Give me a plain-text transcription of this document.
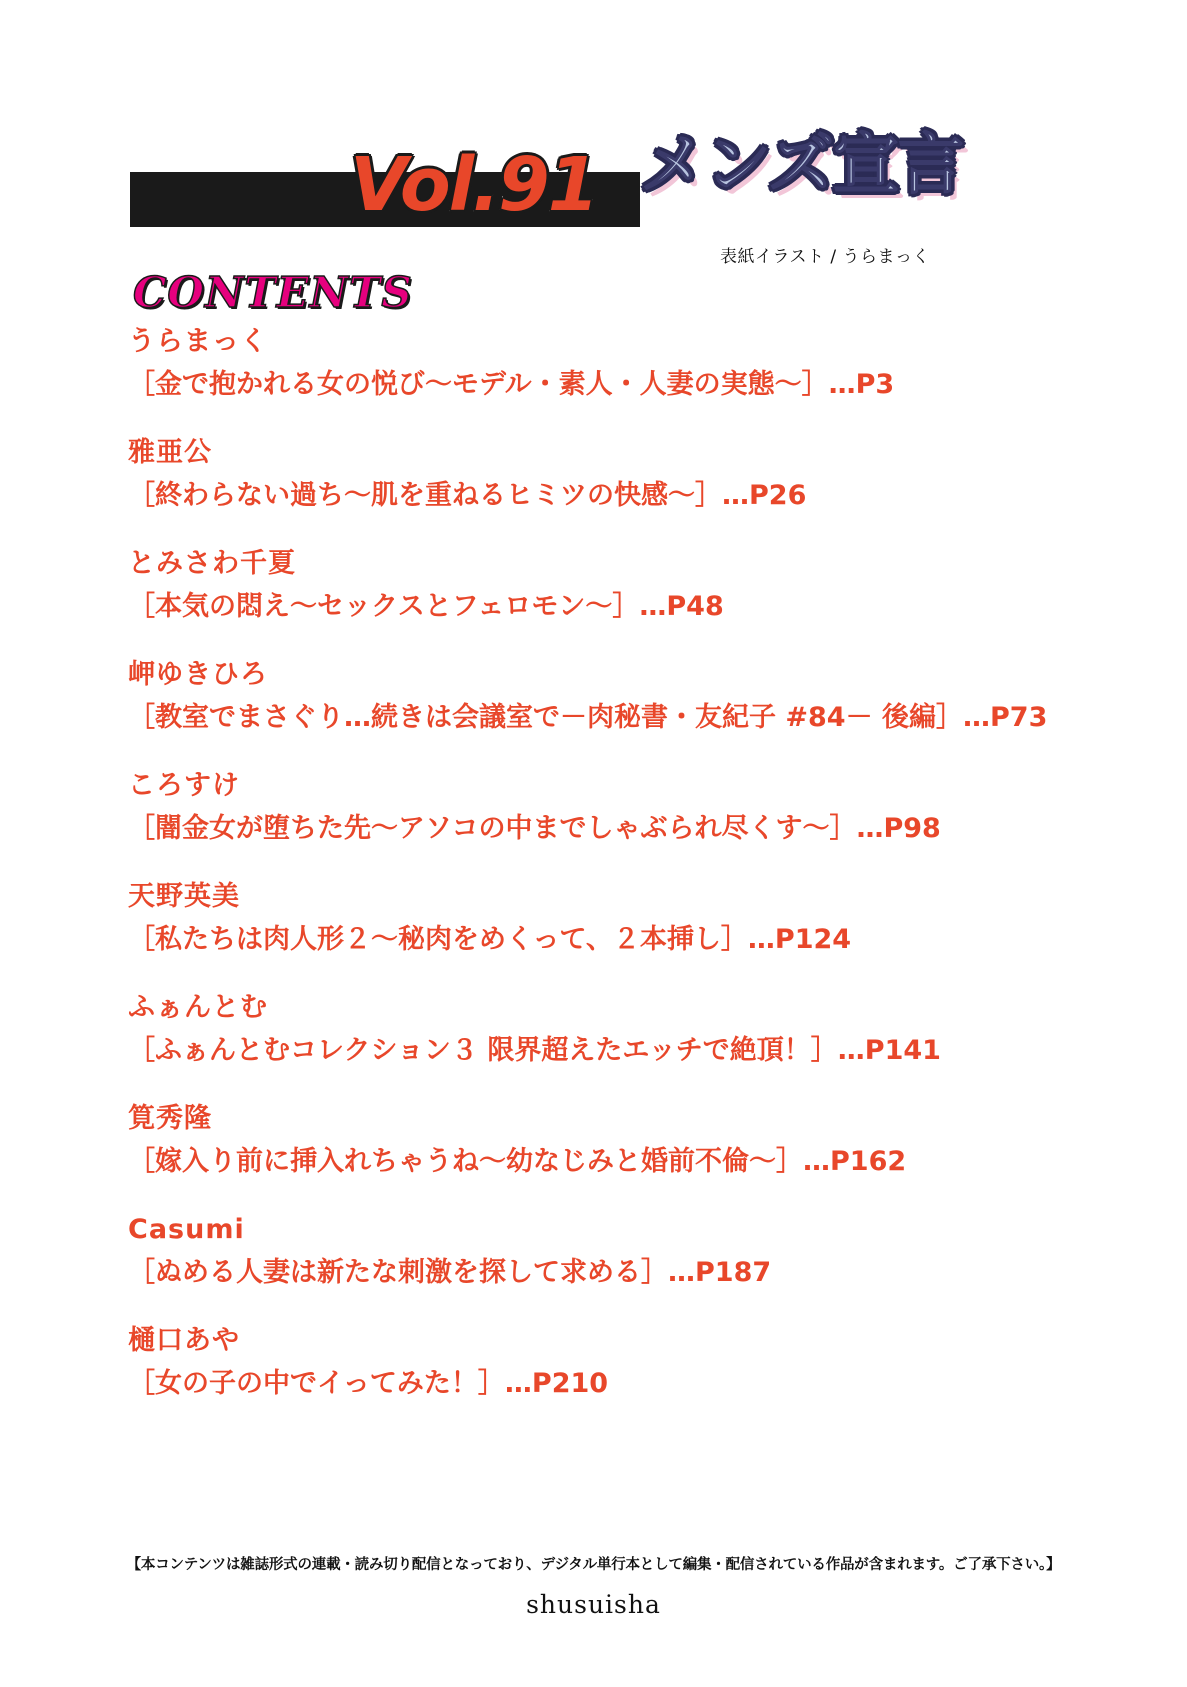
Vol.91 メンズ宣言
表紙イラスト / うらまっく
CONTENTS
うらまっく
［金で抱かれる女の悦び〜モデル・素人・人妻の実態〜］…P3
雅亜公
［終わらない過ち〜肌を重ねるヒミツの快感〜］…P26
とみさわ千夏
［本気の悶え〜セックスとフェロモン〜］…P48
岬ゆきひろ
［教室でまさぐり…続きは会議室で－肉秘書・友紀子 #84－ 後編］…P73
ころすけ
［闇金女が堕ちた先〜アソコの中までしゃぶられ尽くす〜］…P98
天野英美
［私たちは肉人形２〜秘肉をめくって、２本挿し］…P124
ふぁんとむ
［ふぁんとむコレクション３ 限界超えたエッチで絶頂！］…P141
筧秀隆
［嫁入り前に挿入れちゃうね〜幼なじみと婚前不倫〜］…P162
Casumi
［ぬめる人妻は新たな刺激を探して求める］…P187
樋口あや
［女の子の中でイってみた！］…P210
【本コンテンツは雑誌形式の連載・読み切り配信となっており、デジタル単行本として編集・配信されている作品が含まれます。ご了承下さい。】
shusuisha
